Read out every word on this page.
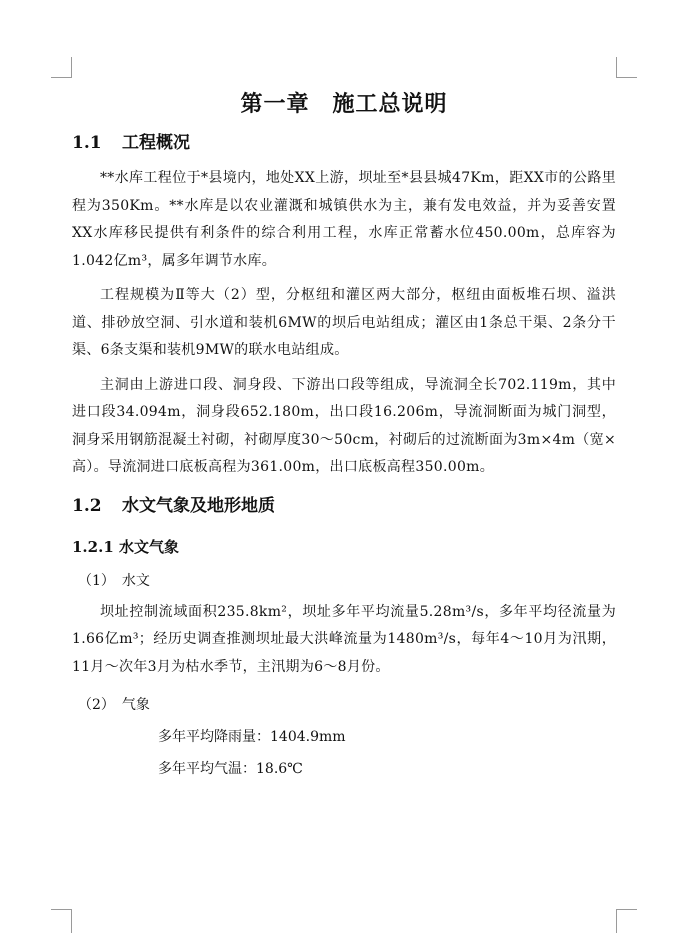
第一章　施工总说明
1.1 工程概况

**水库工程位于*县境内，地处XX上游，坝址至*县县城47Km，距XX市的公路里程为350Km。**水库是以农业灌溉和城镇供水为主，兼有发电效益，并为妥善安置XX水库移民提供有利条件的综合利用工程，水库正常蓄水位450.00m，总库容为1.042亿m³，属多年调节水库。

工程规模为Ⅱ等大（2）型，分枢纽和灌区两大部分，枢纽由面板堆石坝、溢洪道、排砂放空洞、引水道和装机6MW的坝后电站组成；灌区由1条总干渠、2条分干渠、6条支渠和装机9MW的联水电站组成。

主洞由上游进口段、洞身段、下游出口段等组成，导流洞全长702.119m，其中进口段34.094m，洞身段652.180m，出口段16.206m，导流洞断面为城门洞型，洞身采用钢筋混凝土衬砌，衬砌厚度30～50cm，衬砌后的过流断面为3m×4m（宽×高）。导流洞进口底板高程为361.00m，出口底板高程350.00m。

1.2 水文气象及地形地质
1.2.1 水文气象

（1）　水文

坝址控制流域面积235.8km²，坝址多年平均流量5.28m³/s，多年平均径流量为1.66亿m³；经历史调查推测坝址最大洪峰流量为1480m³/s，每年4～10月为汛期，11月～次年3月为枯水季节，主汛期为6～8月份。

（2）　气象

多年平均降雨量：1404.9mm

多年平均气温：18.6℃
